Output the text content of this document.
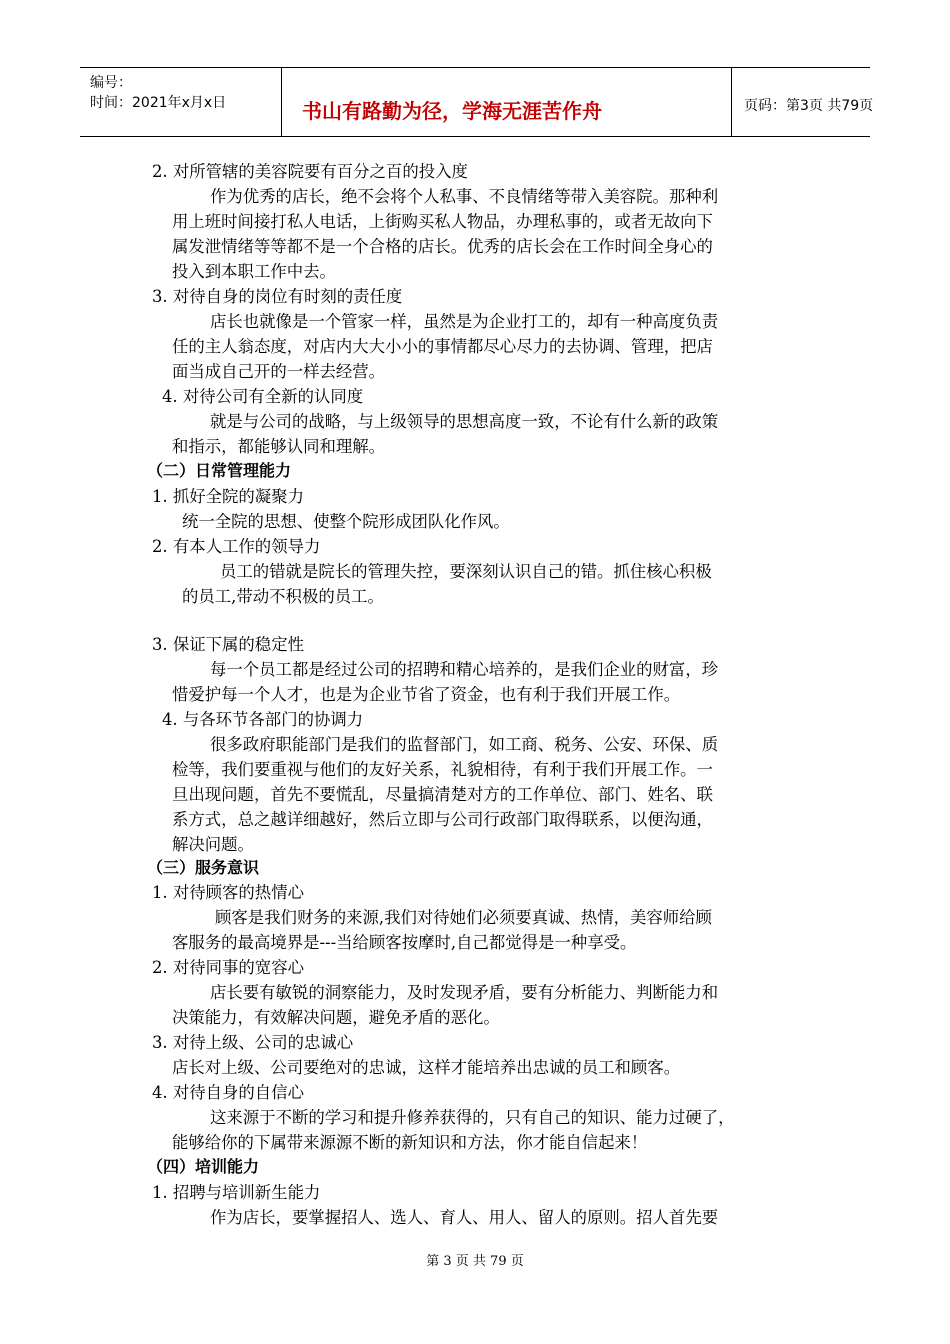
编号：
时间：2021年x月x日	书山有路勤为径，学海无涯苦作舟	页码：第3页 共79页
2. 对所管辖的美容院要有百分之百的投入度
作为优秀的店长，绝不会将个人私事、不良情绪等带入美容院。那种利
用上班时间接打私人电话，上街购买私人物品，办理私事的，或者无故向下
属发泄情绪等等都不是一个合格的店长。优秀的店长会在工作时间全身心的
投入到本职工作中去。
3. 对待自身的岗位有时刻的责任度
店长也就像是一个管家一样，虽然是为企业打工的，却有一种高度负责
任的主人翁态度，对店内大大小小的事情都尽心尽力的去协调、管理，把店
面当成自己开的一样去经营。
4. 对待公司有全新的认同度
就是与公司的战略，与上级领导的思想高度一致，不论有什么新的政策
和指示，都能够认同和理解。
（二）日常管理能力
1. 抓好全院的凝聚力
统一全院的思想、使整个院形成团队化作风。
2. 有本人工作的领导力
员工的错就是院长的管理失控，要深刻认识自己的错。抓住核心积极
的员工,带动不积极的员工。
3. 保证下属的稳定性
每一个员工都是经过公司的招聘和精心培养的，是我们企业的财富，珍
惜爱护每一个人才，也是为企业节省了资金，也有利于我们开展工作。
4. 与各环节各部门的协调力
很多政府职能部门是我们的监督部门，如工商、税务、公安、环保、质
检等，我们要重视与他们的友好关系，礼貌相待，有利于我们开展工作。一
旦出现问题，首先不要慌乱，尽量搞清楚对方的工作单位、部门、姓名、联
系方式，总之越详细越好，然后立即与公司行政部门取得联系，以便沟通，
解决问题。
（三）服务意识
1. 对待顾客的热情心
顾客是我们财务的来源,我们对待她们必须要真诚、热情，美容师给顾
客服务的最高境界是---当给顾客按摩时,自己都觉得是一种享受。
2. 对待同事的宽容心
店长要有敏锐的洞察能力，及时发现矛盾，要有分析能力、判断能力和
决策能力，有效解决问题，避免矛盾的恶化。
3. 对待上级、公司的忠诚心
店长对上级、公司要绝对的忠诚，这样才能培养出忠诚的员工和顾客。
4. 对待自身的自信心
这来源于不断的学习和提升修养获得的，只有自己的知识、能力过硬了，
能够给你的下属带来源源不断的新知识和方法，你才能自信起来！
（四）培训能力
1. 招聘与培训新生能力
作为店长，要掌握招人、选人、育人、用人、留人的原则。招人首先要
第 3 页 共 79 页
